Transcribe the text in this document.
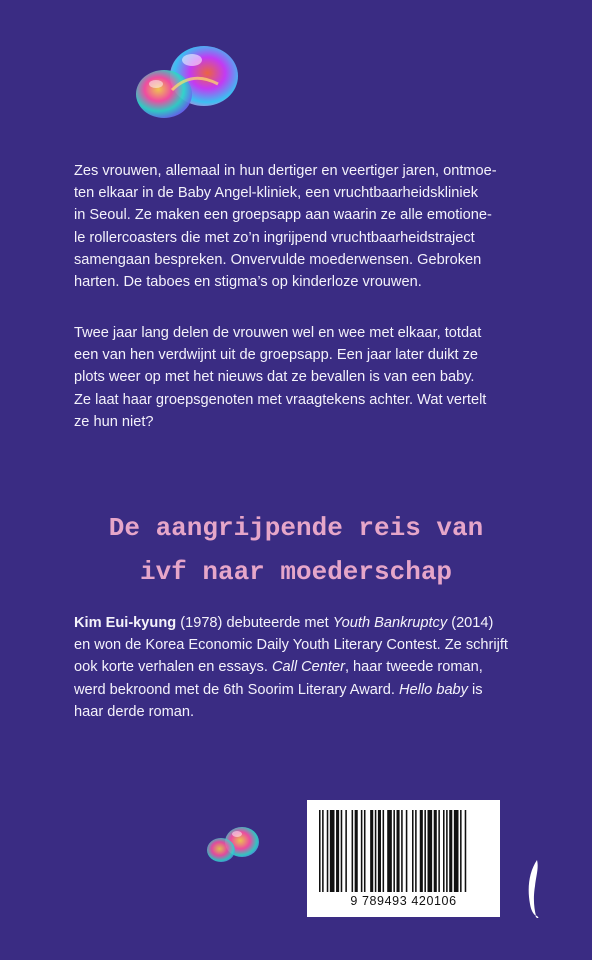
Zes vrouwen, allemaal in hun dertiger en veertiger jaren, ontmoe-
ten elkaar in de Baby Angel-kliniek, een vruchtbaarheidskliniek
in Seoul. Ze maken een groepsapp aan waarin ze alle emotione-
le rollercoasters die met zo’n ingrijpend vruchtbaarheidstraject
samengaan bespreken. Onvervulde moederwensen. Gebroken
harten. De taboes en stigma’s op kinderloze vrouwen.

Twee jaar lang delen de vrouwen wel en wee met elkaar, totdat
een van hen verdwijnt uit de groepsapp. Een jaar later duikt ze
plots weer op met het nieuws dat ze bevallen is van een baby.
Ze laat haar groepsgenoten met vraagtekens achter. Wat vertelt
ze hun niet?

De aangrijpende reis van
ivf naar moederschap

Kim Eui-kyung (1978) debuteerde met Youth Bankruptcy (2014)
en won de Korea Economic Daily Youth Literary Contest. Ze schrijft
ook korte verhalen en essays. Call Center, haar tweede roman,
werd bekroond met de 6th Soorim Literary Award. Hello baby is
haar derde roman.

9 789493 420106
